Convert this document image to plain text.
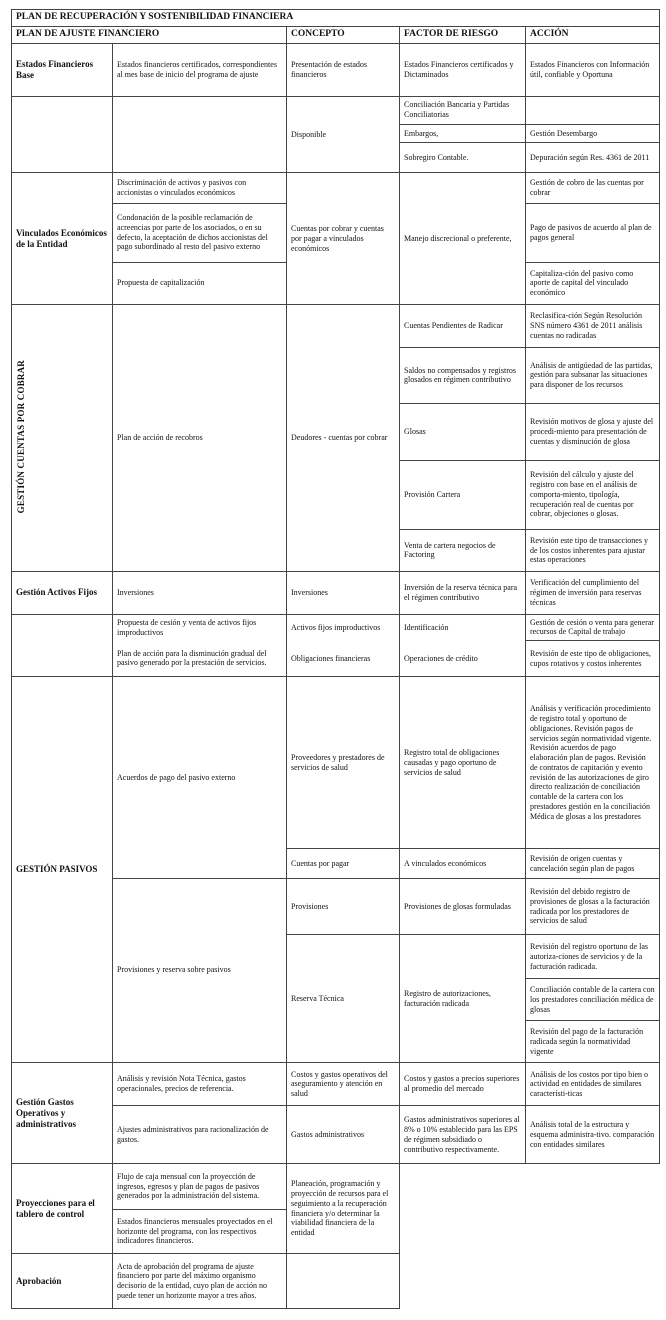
PLAN DE RECUPERACIÓN Y SOSTENIBILIDAD FINANCIERA				
PLAN DE AJUSTE FINANCIERO		CONCEPTO	FACTOR DE RIESGO	ACCIÓN
Estados Financieros Base	Estados financieros certificados, correspondientes al mes base de inicio del programa de ajuste	Presentación de estados financieros	Estados Financieros certificados y Dictaminados	Estados Financieros con Información útil, confiable y Oportuna
		Disponible	Conciliación Bancaria y Partidas Conciliatorias	
			Embargos,	Gestión Desembargo
			Sobregiro Contable.	Depuración según Res. 4361 de 2011
Vinculados Económicos de la Entidad	Discriminación de activos y pasivos con accionistas o vinculados económicos	Cuentas por cobrar y cuentas por pagar a vinculados económicos	Manejo discrecional o preferente,	Gestión de cobro de las cuentas por cobrar
	Condonación de la posible reclamación de acreencias por parte de los asociados, o en su defecto, la aceptación de dichos accionistas del pago subordinado al resto del pasivo externo			Pago de pasivos de acuerdo al plan de pagos general
	Propuesta de capitalización			Capitaliza-ción del pasivo como aporte de capital del vinculado económico
GESTIÓN CUENTAS POR COBRAR	Plan de acción de recobros	Deudores - cuentas por cobrar	Cuentas Pendientes de Radicar	Reclasifica-ción Según Resolución SNS número 4361 de 2011 análisis cuentas no radicadas
			Saldos no compensados y registros glosados en régimen contributivo	Análisis de antigüedad de las partidas, gestión para subsanar las situaciones para disponer de los recursos
			Glosas	Revisión motivos de glosa y ajuste del procedi-miento para presentación de cuentas y disminución de glosa
			Provisión Cartera	Revisión del cálculo y ajuste del registro con base en el análisis de comporta-miento, tipología, recuperación real de cuentas por cobrar, objeciones o glosas.
			Venta de cartera negocios de Factoring	Revisión este tipo de transacciones y de los costos inherentes para ajustar estas operaciones
Gestión Activos Fijos	Inversiones	Inversiones	Inversión de la reserva técnica para el régimen contributivo	Verificación del cumplimiento del régimen de inversión para reservas técnicas
	Propuesta de cesión y venta de activos fijos improductivos	Activos fijos improductivos	Identificación	Gestión de cesión o venta para generar recursos de Capital de trabajo
	Plan de acción para la disminución gradual del pasivo generado por la prestación de servicios.	Obligaciones financieras	Operaciones de crédito	Revisión de este tipo de obligaciones, cupos rotativos y costos inherentes
GESTIÓN PASIVOS	Acuerdos de pago del pasivo externo	Proveedores y prestadores de servicios de salud	Registro total de obligaciones causadas y pago oportuno de servicios de salud	Análisis y verificación procedimiento de registro total y oportuno de obligaciones. Revisión pagos de servicios según normatividad vigente. Revisión acuerdos de pago elaboración plan de pagos. Revisión de contratos de capitación y evento revisión de las autorizaciones de giro directo realización de conciliación contable de la cartera con los prestadores gestión en la conciliación Médica de glosas a los prestadores
		Cuentas por pagar	A vinculados económicos	Revisión de origen cuentas y cancelación según plan de pagos
	Provisiones y reserva sobre pasivos	Provisiones	Provisiones de glosas formuladas	Revisión del debido registro de provisiones de glosas a la facturación radicada por los prestadores de servicios de salud
		Reserva Técnica	Registro de autorizaciones, facturación radicada	Revisión del registro oportuno de las autoriza-ciones de servicios y de la facturación radicada.
				Conciliación contable de la cartera con los prestadores conciliación médica de glosas
				Revisión del pago de la facturación radicada según la normatividad vigente
Gestión Gastos Operativos y administrativos	Análisis y revisión Nota Técnica, gastos operacionales, precios de referencia.	Costos y gastos operativos del aseguramiento y atención en salud	Costos y gastos a precios superiores al promedio del mercado	Análisis de los costos por tipo bien o actividad en entidades de similares característi-ticas
	Ajustes administrativos para racionalización de gastos.	Gastos administrativos	Gastos administrativos superiores al 8% o 10% establecido para las EPS de régimen subsidiado o contributivo respectivamente.	Análisis total de la estructura y esquema administra-tivo. comparación con entidades similares
Proyecciones para el tablero de control	Flujo de caja mensual con la proyección de ingresos, egresos y plan de pagos de pasivos generados por la administración del sistema.	Planeación, programación y proyección de recursos para el seguimiento a la recuperación financiera y/o determinar la viabilidad financiera de la entidad		
	Estados financieros mensuales proyectados en el horizonte del programa, con los respectivos indicadores financieros.			
Aprobación	Acta de aprobación del programa de ajuste financiero por parte del máximo organismo decisorio de la entidad, cuyo plan de acción no puede tener un horizonte mayor a tres años.			
